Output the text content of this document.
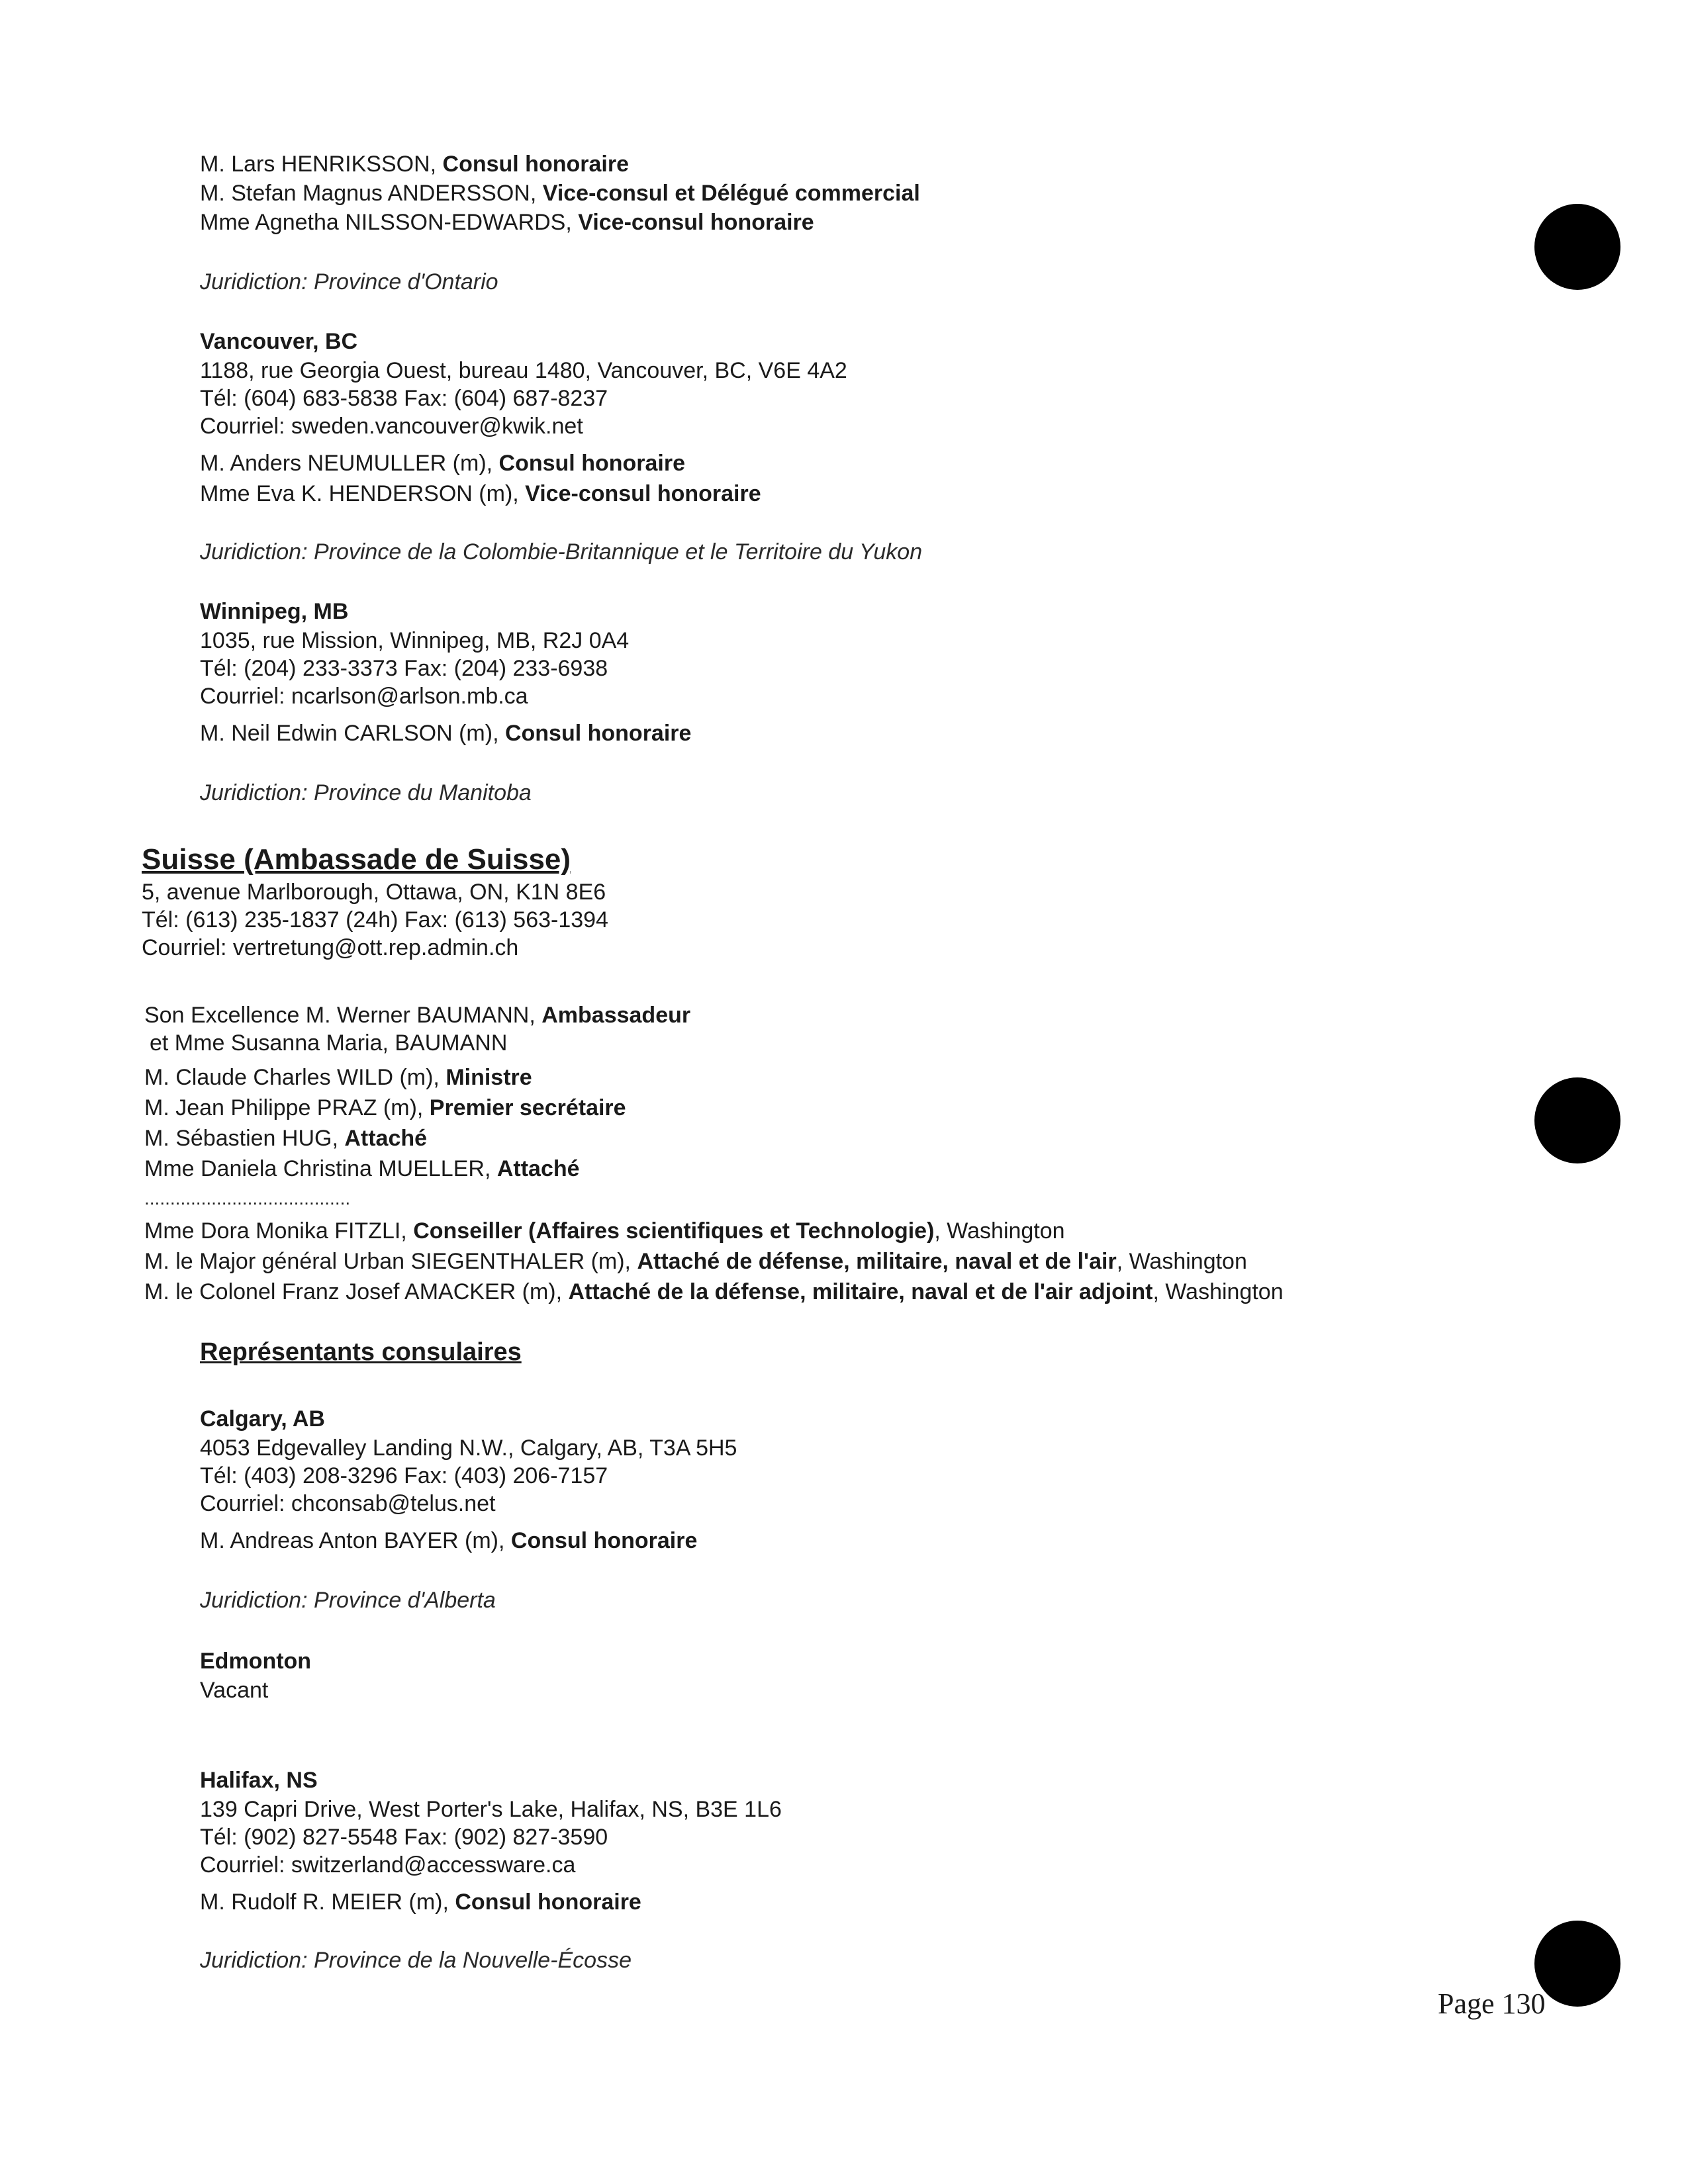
M. Lars HENRIKSSON, Consul honoraire
M. Stefan Magnus ANDERSSON, Vice-consul et Délégué commercial
Mme Agnetha NILSSON-EDWARDS, Vice-consul honoraire
Juridiction: Province d'Ontario
Vancouver, BC
1188, rue Georgia Ouest, bureau 1480, Vancouver, BC, V6E 4A2
Tél: (604) 683-5838 Fax: (604) 687-8237
Courriel: sweden.vancouver@kwik.net
M. Anders NEUMULLER (m), Consul honoraire
Mme Eva K. HENDERSON (m), Vice-consul honoraire
Juridiction: Province de la Colombie-Britannique et le Territoire du Yukon
Winnipeg, MB
1035, rue Mission, Winnipeg, MB, R2J 0A4
Tél: (204) 233-3373 Fax: (204) 233-6938
Courriel: ncarlson@arlson.mb.ca
M. Neil Edwin CARLSON (m), Consul honoraire
Juridiction: Province du Manitoba
Suisse (Ambassade de Suisse)
5, avenue Marlborough, Ottawa, ON, K1N 8E6
Tél: (613) 235-1837 (24h) Fax: (613) 563-1394
Courriel: vertretung@ott.rep.admin.ch
Son Excellence M. Werner BAUMANN, Ambassadeur
et Mme Susanna Maria, BAUMANN
M. Claude Charles WILD (m), Ministre
M. Jean Philippe PRAZ (m), Premier secrétaire
M. Sébastien HUG, Attaché
Mme Daniela Christina MUELLER, Attaché
........................................
Mme Dora Monika FITZLI, Conseiller (Affaires scientifiques et Technologie), Washington
M. le Major général Urban SIEGENTHALER (m), Attaché de défense, militaire, naval et de l'air, Washington
M. le Colonel Franz Josef AMACKER (m), Attaché de la défense, militaire, naval et de l'air adjoint, Washington
Représentants consulaires
Calgary, AB
4053 Edgevalley Landing N.W., Calgary, AB, T3A 5H5
Tél: (403) 208-3296 Fax: (403) 206-7157
Courriel: chconsab@telus.net
M. Andreas Anton BAYER (m), Consul honoraire
Juridiction: Province d'Alberta
Edmonton
Vacant
Halifax, NS
139 Capri Drive, West Porter's Lake, Halifax, NS, B3E 1L6
Tél: (902) 827-5548 Fax: (902) 827-3590
Courriel: switzerland@accessware.ca
M. Rudolf R. MEIER (m), Consul honoraire
Juridiction: Province de la Nouvelle-Écosse
Page 130
